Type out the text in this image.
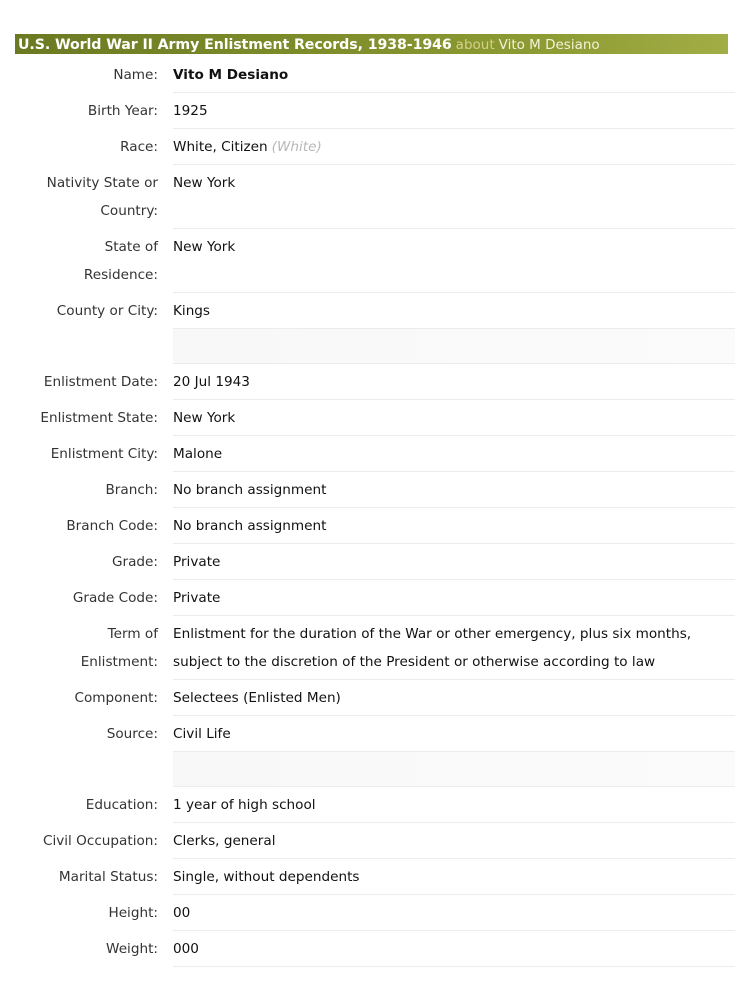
U.S. World War II Army Enlistment Records, 1938-1946 about Vito M Desiano
Name: Vito M Desiano
Birth Year: 1925
Race: White, Citizen (White)
Nativity State or
Country:
New York
State of
Residence:
New York
County or City: Kings
Enlistment Date: 20 Jul 1943
Enlistment State: New York
Enlistment City: Malone
Branch: No branch assignment
Branch Code: No branch assignment
Grade: Private
Grade Code: Private
Term of
Enlistment:
Enlistment for the duration of the War or other emergency, plus six months,
subject to the discretion of the President or otherwise according to law
Component: Selectees (Enlisted Men)
Source: Civil Life
Education: 1 year of high school
Civil Occupation: Clerks, general
Marital Status: Single, without dependents
Height: 00
Weight: 000
